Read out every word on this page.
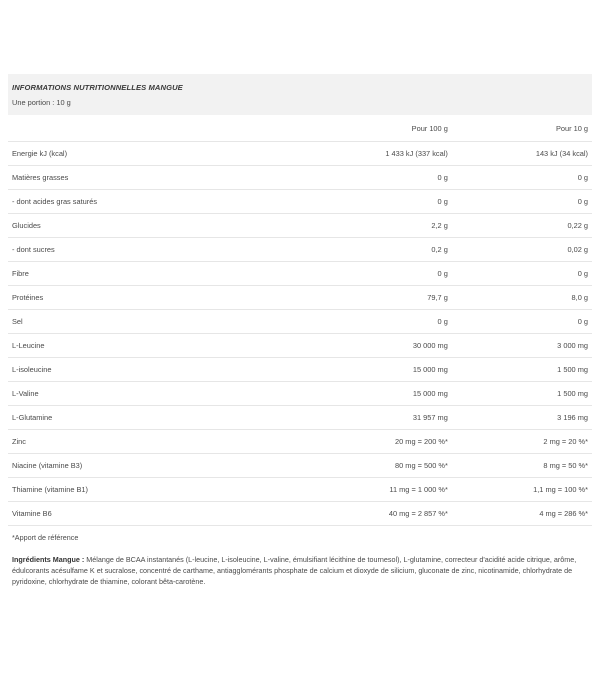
INFORMATIONS NUTRITIONNELLES MANGUE
Une portion : 10 g
	Pour 100 g	Pour 10 g
Energie kJ (kcal)	1 433 kJ (337 kcal)	143 kJ (34 kcal)
Matières grasses	0 g	0 g
- dont acides gras saturés	0 g	0 g
Glucides	2,2 g	0,22 g
- dont sucres	0,2 g	0,02 g
Fibre	0 g	0 g
Protéines	79,7 g	8,0 g
Sel	0 g	0 g
L-Leucine	30 000 mg	3 000 mg
L-isoleucine	15 000 mg	1 500 mg
L-Valine	15 000 mg	1 500 mg
L-Glutamine	31 957 mg	3 196 mg
Zinc	20 mg = 200 %*	2 mg = 20 %*
Niacine (vitamine B3)	80 mg = 500 %*	8 mg = 50 %*
Thiamine (vitamine B1)	11 mg = 1 000 %*	1,1 mg = 100 %*
Vitamine B6	40 mg = 2 857 %*	4 mg = 286 %*
*Apport de référence
Ingrédients Mangue : Mélange de BCAA instantanés (L-leucine, L-isoleucine, L-valine, émulsifiant lécithine de tournesol), L-glutamine, correcteur d'acidité acide citrique, arôme, édulcorants acésulfame K et sucralose, concentré de carthame, antiagglomérants phosphate de calcium et dioxyde de silicium, gluconate de zinc, nicotinamide, chlorhydrate de pyridoxine, chlorhydrate de thiamine, colorant bêta-carotène.
